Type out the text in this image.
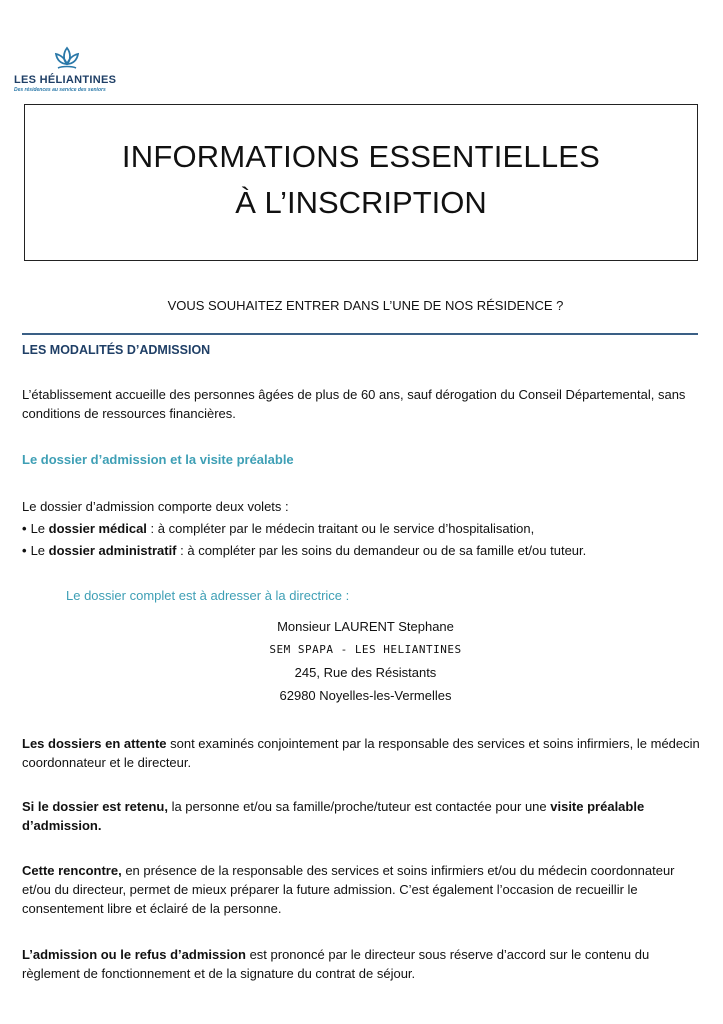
LES HÉLIANTINES
Des résidences au service des seniors
INFORMATIONS ESSENTIELLES
À L’INSCRIPTION
VOUS SOUHAITEZ ENTRER DANS L’UNE DE NOS RÉSIDENCE ?
LES MODALITÉS D’ADMISSION
L’établissement accueille des personnes âgées de plus de 60 ans, sauf dérogation du Conseil Départemental, sans conditions de ressources financières.
Le dossier d’admission et la visite préalable
Le dossier d’admission comporte deux volets :
• Le dossier médical : à compléter par le médecin traitant ou le service d’hospitalisation,
• Le dossier administratif : à compléter par les soins du demandeur ou de sa famille et/ou tuteur.
Le dossier complet est à adresser à la directrice :
Monsieur LAURENT Stephane
SEM SPAPA - LES HELIANTINES
245, Rue des Résistants
62980 Noyelles-les-Vermelles
Les dossiers en attente sont examinés conjointement par la responsable des services et soins infirmiers, le médecin coordonnateur et le directeur.
Si le dossier est retenu, la personne et/ou sa famille/proche/tuteur est contactée pour une visite préalable d’admission.
Cette rencontre, en présence de la responsable des services et soins infirmiers et/ou du médecin coordonnateur et/ou du directeur, permet de mieux préparer la future admission. C’est également l’occasion de recueillir le consentement libre et éclairé de la personne.
L’admission ou le refus d’admission est prononcé par le directeur sous réserve d’accord sur le contenu du règlement de fonctionnement et de la signature du contrat de séjour.
